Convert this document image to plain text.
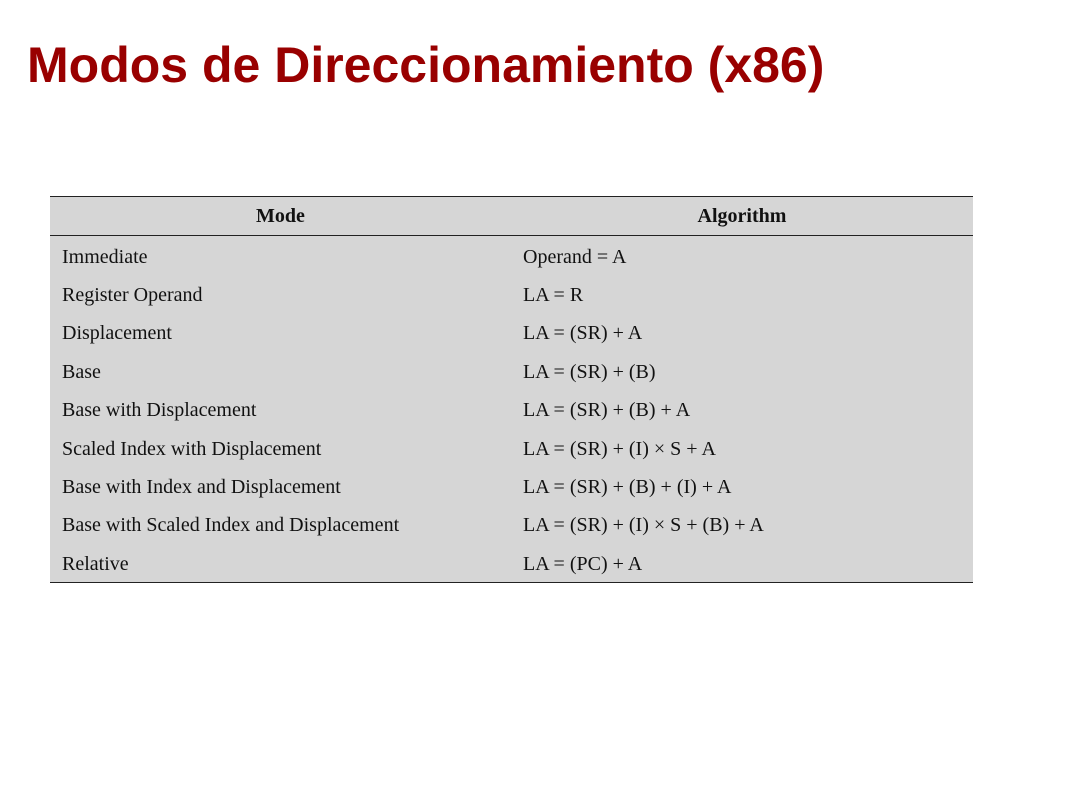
Modos de Direccionamiento (x86)
Mode	Algorithm
Immediate	Operand = A
Register Operand	LA = R
Displacement	LA = (SR) + A
Base	LA = (SR) + (B)
Base with Displacement	LA = (SR) + (B) + A
Scaled Index with Displacement	LA = (SR) + (I) × S + A
Base with Index and Displacement	LA = (SR) + (B) + (I) + A
Base with Scaled Index and Displacement	LA = (SR) + (I) × S + (B) + A
Relative	LA = (PC) + A
